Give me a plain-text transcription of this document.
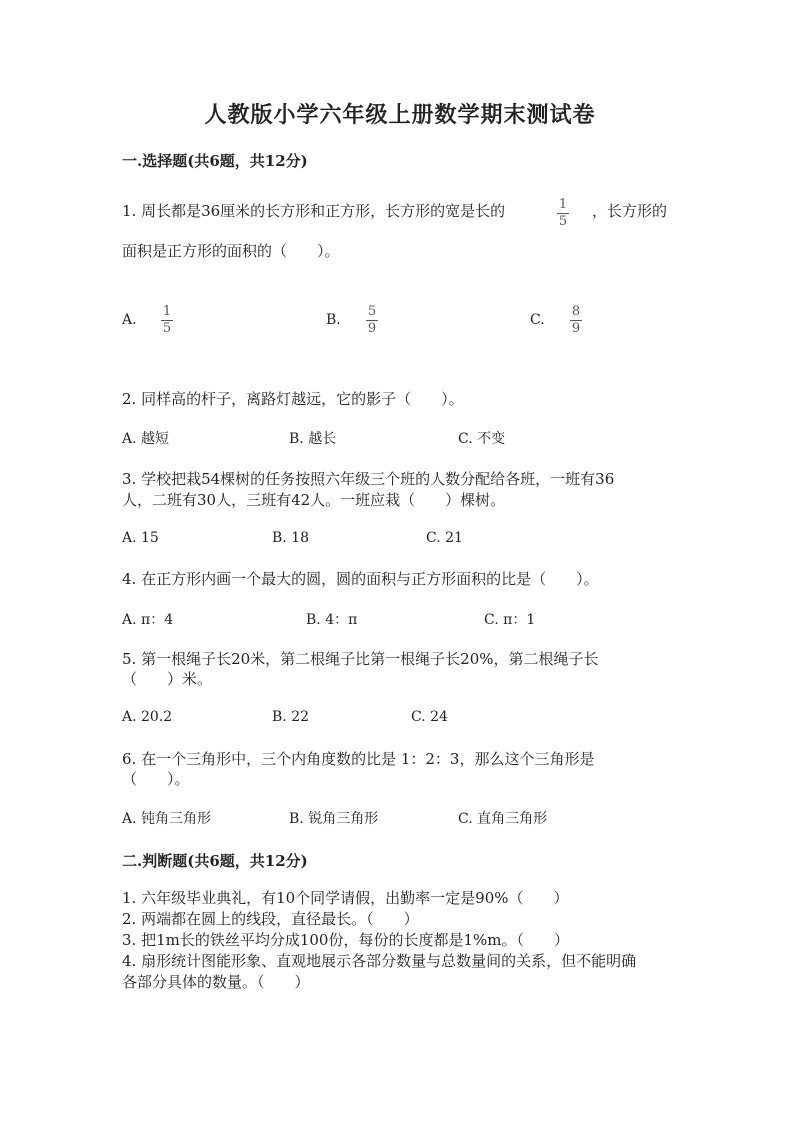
人教版小学六年级上册数学期末测试卷
一.选择题(共6题，共12分)
1. 周长都是36厘米的长方形和正方形，长方形的宽是长的	1
5
，长方形的
面积是正方形的面积的（　　）。
A.
1
5
B.
5
9
C.
8
9
2. 同样高的杆子，离路灯越远，它的影子（　　）。
A. 越短	B. 越长	C. 不变
3. 学校把栽54棵树的任务按照六年级三个班的人数分配给各班，一班有36
人，二班有30人，三班有42人。一班应栽（　　）棵树。
A. 15	B. 18	C. 21
4. 在正方形内画一个最大的圆，圆的面积与正方形面积的比是（　　）。
A. π：4	B. 4：π	C. π：1
5. 第一根绳子长20米，第二根绳子比第一根绳子长20%，第二根绳子长
（　　）米。
A. 20.2	B. 22	C. 24
6. 在一个三角形中，三个内角度数的比是 1：2：3，那么这个三角形是
（　　）。
A. 钝角三角形	B. 锐角三角形	C. 直角三角形
二.判断题(共6题，共12分)
1. 六年级毕业典礼，有10个同学请假，出勤率一定是90%（　　）
2. 两端都在圆上的线段，直径最长。（　　）
3. 把1m长的铁丝平均分成100份，每份的长度都是1%m。（　　）
4. 扇形统计图能形象、直观地展示各部分数量与总数量间的关系，但不能明确
各部分具体的数量。（　　）
